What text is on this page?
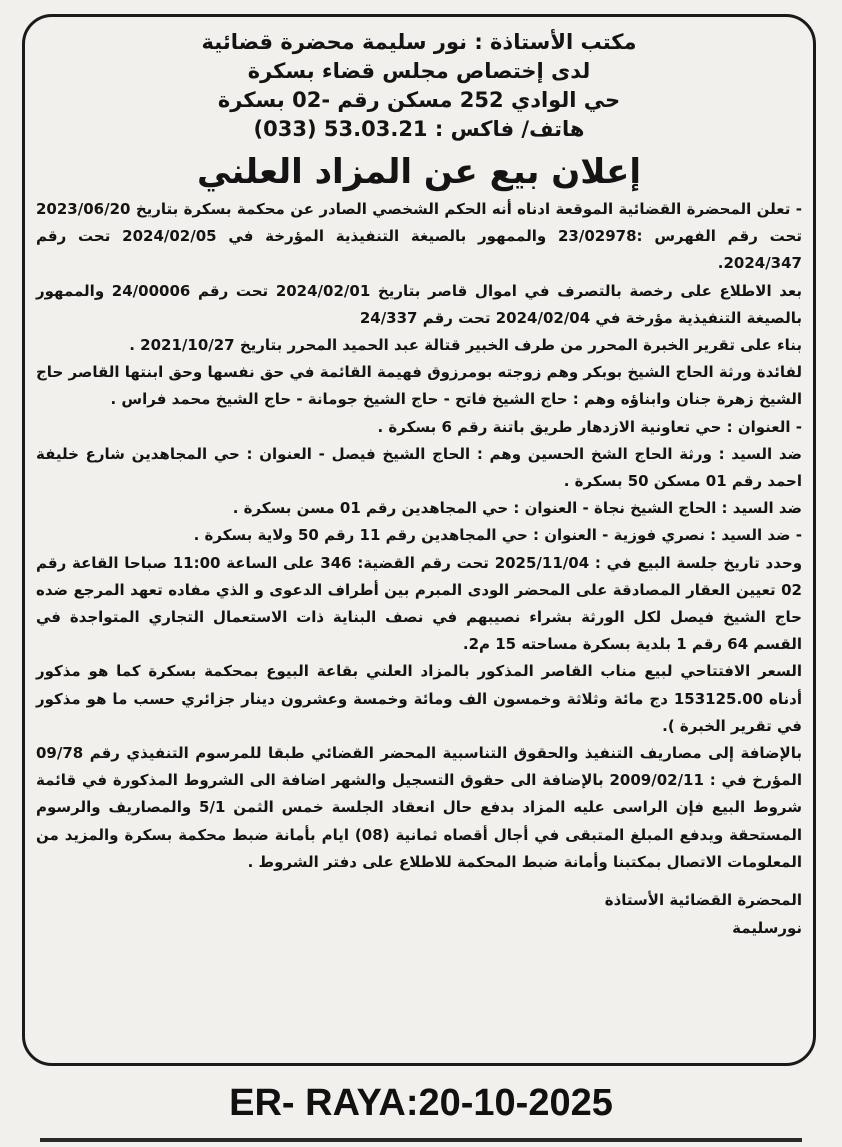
مكتب الأستاذة : نور سليمة محضرة قضائية

لدى إختصاص مجلس قضاء بسكرة

حي الوادي 252 مسكن رقم -02 بسكرة

هاتف/ فاكس : 53.03.21 (033)

إعلان بيع عن المزاد العلني

- تعلن المحضرة القضائية الموقعة ادناه أنه الحكم الشخصي الصادر عن محكمة بسكرة بتاريخ 2023/06/20 تحت رقم الفهرس :23/02978 والممهور بالصيغة التنفيذية المؤرخة في 2024/02/05 تحت رقم 2024/347.

بعد الاطلاع على رخصة بالتصرف في اموال قاصر بتاريخ 2024/02/01 تحت رقم 24/00006 والممهور بالصيغة التنفيذية مؤرخة في 2024/02/04 تحت رقم 24/337

بناء على تقرير الخبرة المحرر من طرف الخبير قتالة عبد الحميد المحرر بتاريخ 2021/10/27 .

لفائدة ورثة الحاج الشيخ بوبكر وهم زوجته بومرزوق فهيمة القائمة في حق نفسها وحق ابنتها القاصر حاج الشيخ زهرة جنان وابناؤه وهم : حاج الشيخ فاتح - حاج الشيخ جومانة - حاج الشيخ محمد فراس .

- العنوان : حي تعاونية الازدهار طريق باتنة رقم 6 بسكرة .

ضد السيد : ورثة الحاج الشخ الحسين وهم : الحاج الشيخ فيصل - العنوان : حي المجاهدين شارع خليفة احمد رقم 01 مسكن 50 بسكرة .

ضد السيد : الحاج الشيخ نجاة - العنوان : حي المجاهدين رقم 01 مسن بسكرة .

- ضد السيد : نصري فوزية - العنوان : حي المجاهدين رقم 11 رقم 50 ولاية بسكرة .

وحدد تاريخ جلسة البيع في : 2025/11/04 تحت رقم القضية: 346 على الساعة 11:00 صباحا القاعة رقم 02 تعيين العقار المصادقة على المحضر الودى المبرم بين أطراف الدعوى و الذي مفاده تعهد المرجع ضده حاج الشيخ فيصل لكل الورثة بشراء نصيبهم في نصف البناية ذات الاستعمال التجاري المتواجدة في القسم 64 رقم 1 بلدية بسكرة مساحته 15 م2.

السعر الافتتاحي لبيع مناب القاصر المذكور بالمزاد العلني بقاعة البيوع بمحكمة بسكرة كما هو مذكور أدناه 153125.00 دج مائة وثلاثة وخمسون الف ومائة وخمسة وعشرون دينار جزائري حسب ما هو مذكور في تقرير الخبرة ).

بالإضافة إلى مصاريف التنفيذ والحقوق التناسبية المحضر القضائي طبقا للمرسوم التنفيذي رقم 09/78 المؤرخ في : 2009/02/11 بالإضافة الى حقوق التسجيل والشهر اضافة الى الشروط المذكورة في قائمة شروط البيع فإن الراسى عليه المزاد بدفع حال انعقاد الجلسة خمس الثمن 5/1 والمصاريف والرسوم المستحقة ويدفع المبلغ المتبقى في أجال أقصاه ثمانية (08) ايام بأمانة ضبط محكمة بسكرة والمزيد من المعلومات الاتصال بمكتبنا وأمانة ضبط المحكمة للاطلاع على دفتر الشروط .

المحضرة القضائية الأستاذة

نورسليمة

ER- RAYA:20-10-2025
